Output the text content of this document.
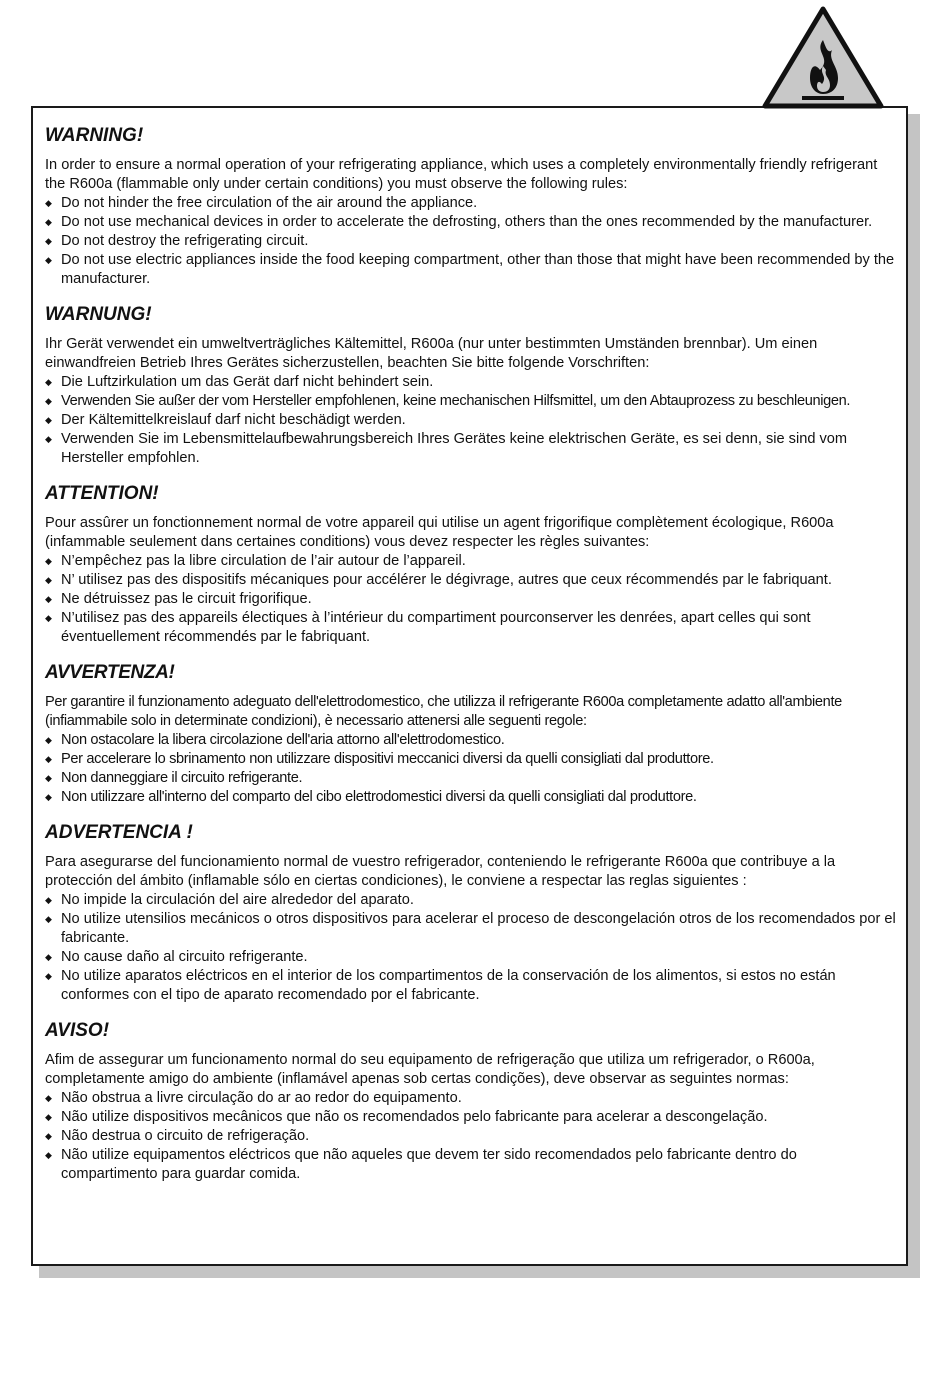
WARNING!

In order to ensure a normal operation of your refrigerating appliance, which uses a completely environmentally friendly refrigerant the R600a (flammable only under certain conditions) you must observe the following rules:

◆ Do not hinder the free circulation of the air around the appliance.
◆ Do not use mechanical devices in order to accelerate the defrosting, others than the ones recommended by the manufacturer.
◆ Do not destroy the refrigerating circuit.
◆ Do not use electric appliances inside the food keeping compartment, other than those that might have been recommended by the manufacturer.
WARNUNG!

Ihr Gerät verwendet ein umweltverträgliches Kältemittel, R600a (nur unter bestimmten Umständen brennbar). Um einen einwandfreien Betrieb Ihres Gerätes sicherzustellen, beachten Sie bitte folgende Vorschriften:

◆ Die Luftzirkulation um das Gerät darf nicht behindert sein.
◆ Verwenden Sie außer der vom Hersteller empfohlenen, keine mechanischen Hilfsmittel, um den Abtauprozess zu beschleunigen.
◆ Der Kältemittelkreislauf darf nicht beschädigt werden.
◆ Verwenden Sie im Lebensmittelaufbewahrungsbereich Ihres Gerätes keine elektrischen Geräte, es sei denn, sie sind vom Hersteller empfohlen.
ATTENTION!

Pour assûrer un fonctionnement normal de votre appareil qui utilise un agent frigorifique complètement écologique, R600a (infammable seulement dans certaines conditions) vous devez respecter les règles suivantes:

◆ N’empêchez pas la libre circulation de l’air autour de l’appareil.
◆ N’ utilisez pas des dispositifs mécaniques pour accélérer le dégivrage, autres que ceux récommendés par le fabriquant.
◆ Ne détruissez pas le circuit frigorifique.
◆ N’utilisez pas des appareils électiques à l’intérieur du compartiment pourconserver les denrées, apart celles qui sont éventuellement récommendés par le fabriquant.
AVVERTENZA!

Per garantire il funzionamento adeguato dell'elettrodomestico, che utilizza il refrigerante R600a completamente adatto all'ambiente (infiammabile solo in determinate condizioni), è necessario attenersi alle seguenti regole:

◆ Non ostacolare la libera circolazione dell'aria attorno all'elettrodomestico.
◆ Per accelerare lo sbrinamento non utilizzare dispositivi meccanici diversi da quelli consigliati dal produttore.
◆ Non danneggiare il circuito refrigerante.
◆ Non utilizzare all'interno del comparto del cibo elettrodomestici diversi da quelli consigliati dal produttore.
ADVERTENCIA !

Para asegurarse del funcionamiento normal de vuestro refrigerador, conteniendo le refrigerante R600a que contribuye a la protección del ámbito (inflamable sólo en ciertas condiciones), le conviene a respectar las reglas siguientes :

◆ No impide la circulación del aire alrededor del aparato.
◆ No utilize utensilios mecánicos o otros dispositivos para acelerar el proceso de descongelación otros de los recomendados por el fabricante.
◆ No cause daño al circuito refrigerante.
◆ No utilize aparatos eléctricos en el interior de los compartimentos de la conservación de los alimentos, si estos no están conformes con el tipo de aparato recomendado por el fabricante.
AVISO!

Afim de assegurar um funcionamento normal do seu equipamento de refrigeração que utiliza um refrigerador, o R600a, completamente amigo do ambiente (inflamável apenas sob certas condições), deve observar as seguintes normas:

◆ Não obstrua a livre circulação do ar ao redor do equipamento.
◆ Não utilize dispositivos mecânicos que não os recomendados pelo fabricante para acelerar a descongelação.
◆ Não destrua o circuito de refrigeração.
◆ Não utilize equipamentos eléctricos que não aqueles que devem ter sido recomendados pelo fabricante dentro do compartimento para guardar comida.
